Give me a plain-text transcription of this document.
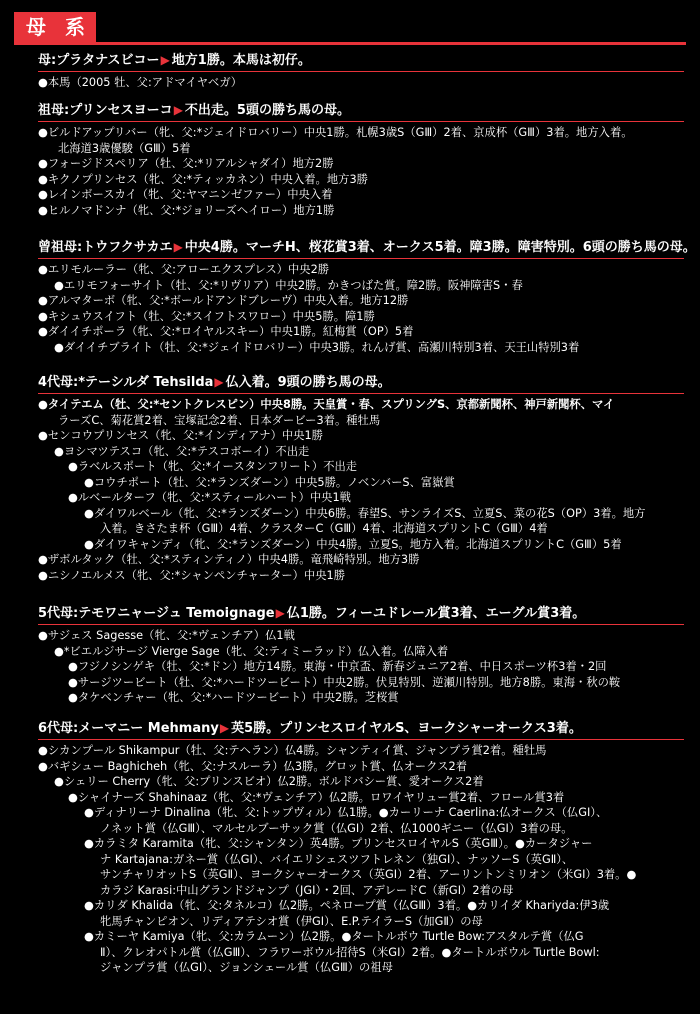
母 系
母:プラタナスビコー▶ 地方1勝。本馬は初仔。
●本馬（2005 牡、父:アドマイヤベガ）
祖母:プリンセスヨーコ▶ 不出走。5頭の勝ち馬の母。
●ビルドアップリバー（牝、父:*ジェイドロバリー）中央1勝。札幌3歳S（GⅢ）2着、京成杯（GⅢ）3着。地方入着。
北海道3歳優駿（GⅢ）5着
●フォージドスペリア（牡、父:*リアルシャダイ）地方2勝
●キクノプリンセス（牝、父:*ティッカネン）中央入着。地方3勝
●レインボースカイ（牝、父:ヤマニンゼファー）中央入着
●ヒルノマドンナ（牝、父:*ジョリーズヘイロー）地方1勝
曾祖母:トウフクサカエ▶ 中央4勝。マーチH、桜花賞3着、オークス5着。障3勝。障害特別。6頭の勝ち馬の母。
●エリモルーラー（牝、父:アローエクスプレス）中央2勝
●エリモフォーサイト（牡、父:*リヴリア）中央2勝。かきつばた賞。障2勝。阪神障害S・春
●アルマターボ（牝、父:*ボールドアンドブレーヴ）中央入着。地方12勝
●キシュウスイフト（牡、父:*スイフトスワロー）中央5勝。障1勝
●ダイイチポーラ（牝、父:*ロイヤルスキー）中央1勝。紅梅賞（OP）5着
●ダイイチブライト（牡、父:*ジェイドロバリー）中央3勝。れんげ賞、高瀬川特別3着、天王山特別3着
4代母:*テーシルダ Tehsilda▶ 仏入着。9頭の勝ち馬の母。
●タイテエム（牡、父:*セントクレスピン）中央8勝。天皇賞・春、スプリングS、京都新聞杯、神戸新聞杯、マイ
ラーズC、菊花賞2着、宝塚記念2着、日本ダービー3着。種牡馬
●センコウプリンセス（牝、父:*インディアナ）中央1勝
●ヨシマツテスコ（牝、父:*テスコボーイ）不出走
●ラベルスポート（牝、父:*イースタンフリート）不出走
●コウチポート（牡、父:*ランズダーン）中央5勝。ノベンバーS、富嶽賞
●ルベールターフ（牝、父:*スティールハート）中央1戦
●ダイワルベール（牝、父:*ランズダーン）中央6勝。春望S、サンライズS、立夏S、菜の花S（OP）3着。地方
入着。きさたま杯（GⅢ）4着、クラスターC（GⅢ）4着、北海道スプリントC（GⅢ）4着
●ダイワキャンディ（牝、父:*ランズダーン）中央4勝。立夏S。地方入着。北海道スプリントC（GⅢ）5着
●ザボルタック（牡、父:*スティンティノ）中央4勝。竜飛崎特別。地方3勝
●ニシノエルメス（牝、父:*シャンペンチャーター）中央1勝
5代母:テモワニャージュ Temoignage▶ 仏1勝。フィーユドレール賞3着、エーグル賞3着。
●サジェス Sagesse（牝、父:*ヴェンチア）仏1戦
●*ビエルジサージ Vierge Sage（牝、父:ティミーラッド）仏入着。仏障入着
●フジノシンゲキ（牡、父:*ドン）地方14勝。東海・中京盃、新春ジュニア2着、中日スポーツ杯3着・2回
●サージツービート（牡、父:*ハードツービート）中央2勝。伏見特別、逆瀬川特別。地方8勝。東海・秋の鞍
●タケベンチャー（牝、父:*ハードツービート）中央2勝。芝桜賞
6代母:メーマニー Mehmany▶ 英5勝。プリンセスロイヤルS、ヨークシャーオークス3着。
●シカンプール Shikampur（牡、父:テヘラン）仏4勝。シャンティイ賞、ジャンプラ賞2着。種牡馬
●バギシュー Baghicheh（牝、父:ナスルーラ）仏3勝。グロット賞、仏オークス2着
●シェリー Cherry（牝、父:プリンスビオ）仏2勝。ボルドバシー賞、愛オークス2着
●シャイナーズ Shahinaaz（牝、父:*ヴェンチア）仏2勝。ロワイヤリュー賞2着、フロール賞3着
●ディナリーナ Dinalina（牝、父:トップヴィル）仏1勝。●カーリーナ Caerlina:仏オークス（仏GI）、
ノネット賞（仏GⅢ）、マルセルブーサック賞（仏GI）2着、仏1000ギニー（仏GI）3着の母。
●カラミタ Karamita（牝、父:シャンタン）英4勝。プリンセスロイヤルS（英GⅢ）。●カータジャー
ナ Kartajana:ガネー賞（仏GI）、バイエリシェスツフトレネン（独GI）、ナッソーS（英GⅡ）、
サンチャリオットS（英GⅡ）、ヨークシャーオークス（英GI）2着、アーリントンミリオン（米GI）3着。●
カラジ Karasi:中山グランドジャンプ（JGI）・2回、アデレードC（新GI）2着の母
●カリダ Khalida（牝、父:タネルコ）仏2勝。ペネロープ賞（仏GⅢ）3着。●カリイダ Khariyda:伊3歳
牝馬チャンピオン、リディアテシオ賞（伊GI）、E.P.テイラーS（加GⅡ）の母
●カミーヤ Kamiya（牝、父:カラムーン）仏2勝。●タートルボウ Turtle Bow:アスタルテ賞（仏G
Ⅱ）、クレオパトル賞（仏GⅢ）、フラワーボウル招待S（米GI）2着。●タートルボウル Turtle Bowl:
ジャンプラ賞（仏GI）、ジョンシェール賞（仏GⅢ）の祖母
